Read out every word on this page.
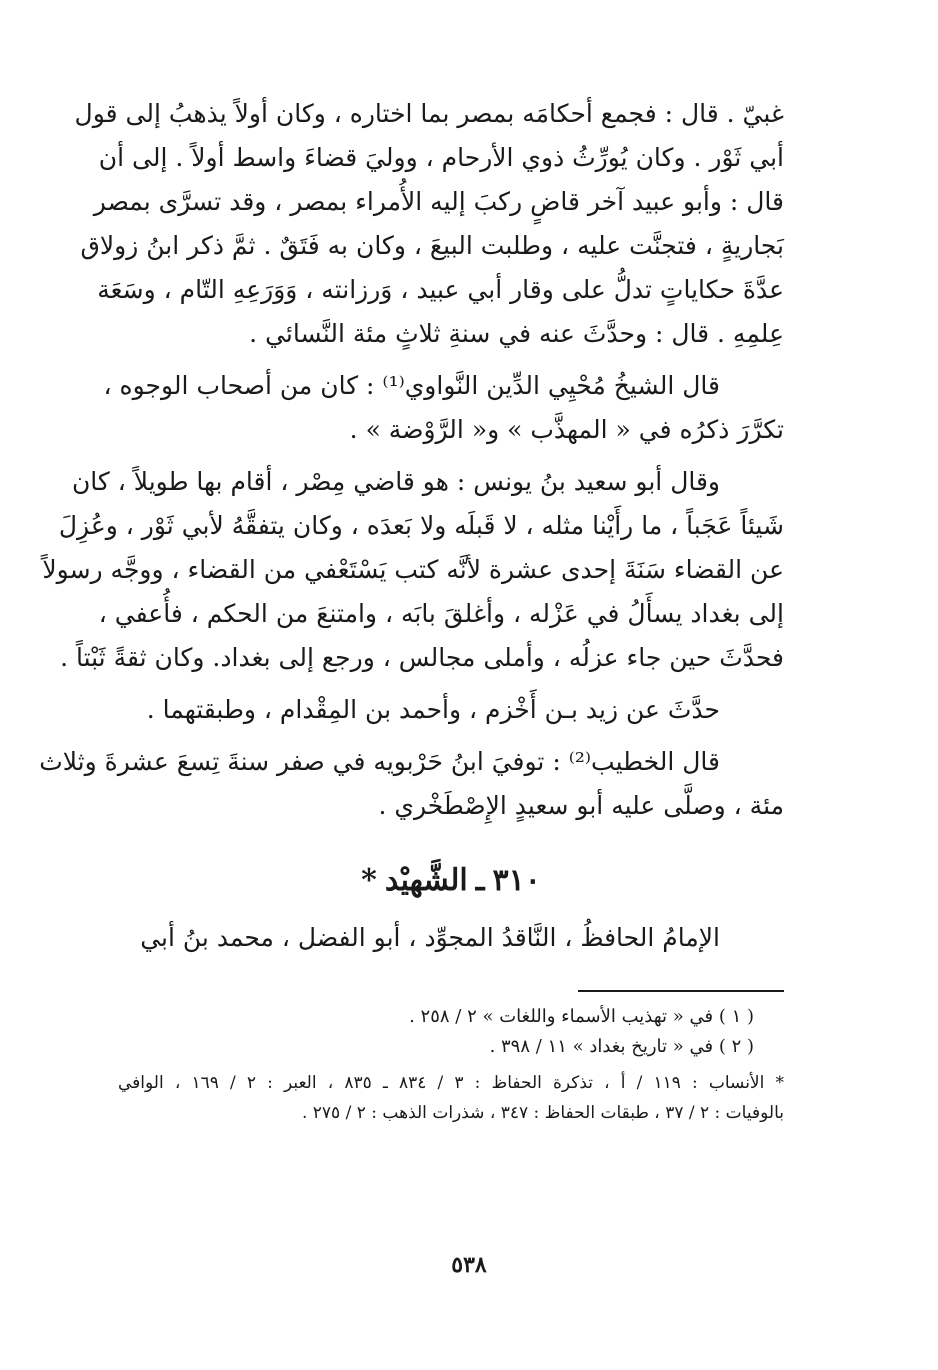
غبيّ . قال : فجمع أحكامَه بمصر بما اختاره ، وكان أولاً يذهبُ إلى قول
أبي ثَوْر . وكان يُورِّثُ ذوي الأرحام ، ووليَ قضاءَ واسط أولاً . إلى أن
قال : وأبو عبيد آخر قاضٍ ركبَ إليه الأُمراء بمصر ، وقد تسرَّى بمصر
بَجاريةٍ ، فتجنَّت عليه ، وطلبت البيعَ ، وكان به فَتَقٌ . ثمَّ ذكر ابنُ زولاق
عدَّةَ حكاياتٍ تدلُّ على وقار أبي عبيد ، وَرزانته ، وَوَرَعِهِ التّام ، وسَعَة
عِلمِهِ . قال : وحدَّثَ عنه في سنةِ ثلاثٍ مئة النَّسائي .
قال الشيخُ مُحْيِي الدِّين النَّواوي⁽¹⁾ : كان من أصحاب الوجوه ،
تكرَّرَ ذكرُه في « المهذَّب » و« الرَّوْضة » .
وقال أبو سعيد بنُ يونس : هو قاضي مِصْر ، أقام بها طويلاً ، كان
شَيئاً عَجَباً ، ما رأَيْنا مثله ، لا قَبلَه ولا بَعدَه ، وكان يتفقَّهُ لأبي ثَوْر ، وعُزِلَ
عن القضاء سَنَةَ إحدى عشرة لأنَّه كتب يَسْتَعْفي من القضاء ، ووجَّه رسولاً
إلى بغداد يسأَلُ في عَزْله ، وأغلقَ بابَه ، وامتنعَ من الحكم ، فأُعفي ،
فحدَّثَ حين جاء عزلُه ، وأملى مجالس ، ورجع إلى بغداد. وكان ثقةً ثَبْتاً .
حدَّثَ عن زيد بـن أَخْزم ، وأحمد بن المِقْدام ، وطبقتهما .
قال الخطيب⁽²⁾ : توفيَ ابنُ حَرْبويه في صفر سنةَ تِسعَ عشرةَ وثلاث
مئة ، وصلَّى عليه أبو سعيدٍ الإِصْطَخْري .
٣١٠ـالشَّهيْد*
الإمامُ الحافظُ ، النَّاقدُ المجوِّد ، أبو الفضل ، محمد بنُ أبي
( ١ ) في « تهذيب الأسماء واللغات » ٢ / ٢٥٨ .
( ٢ ) في « تاريخ بغداد » ١١ / ٣٩٨ .
* الأنساب : ١١٩ / أ ، تذكرة الحفاظ : ٣ / ٨٣٤ ـ ٨٣٥ ، العبر : ٢ / ١٦٩ ، الوافي
بالوفيات : ٢ / ٣٧ ، طبقات الحفاظ : ٣٤٧ ، شذرات الذهب : ٢ / ٢٧٥ .
٥٣٨
